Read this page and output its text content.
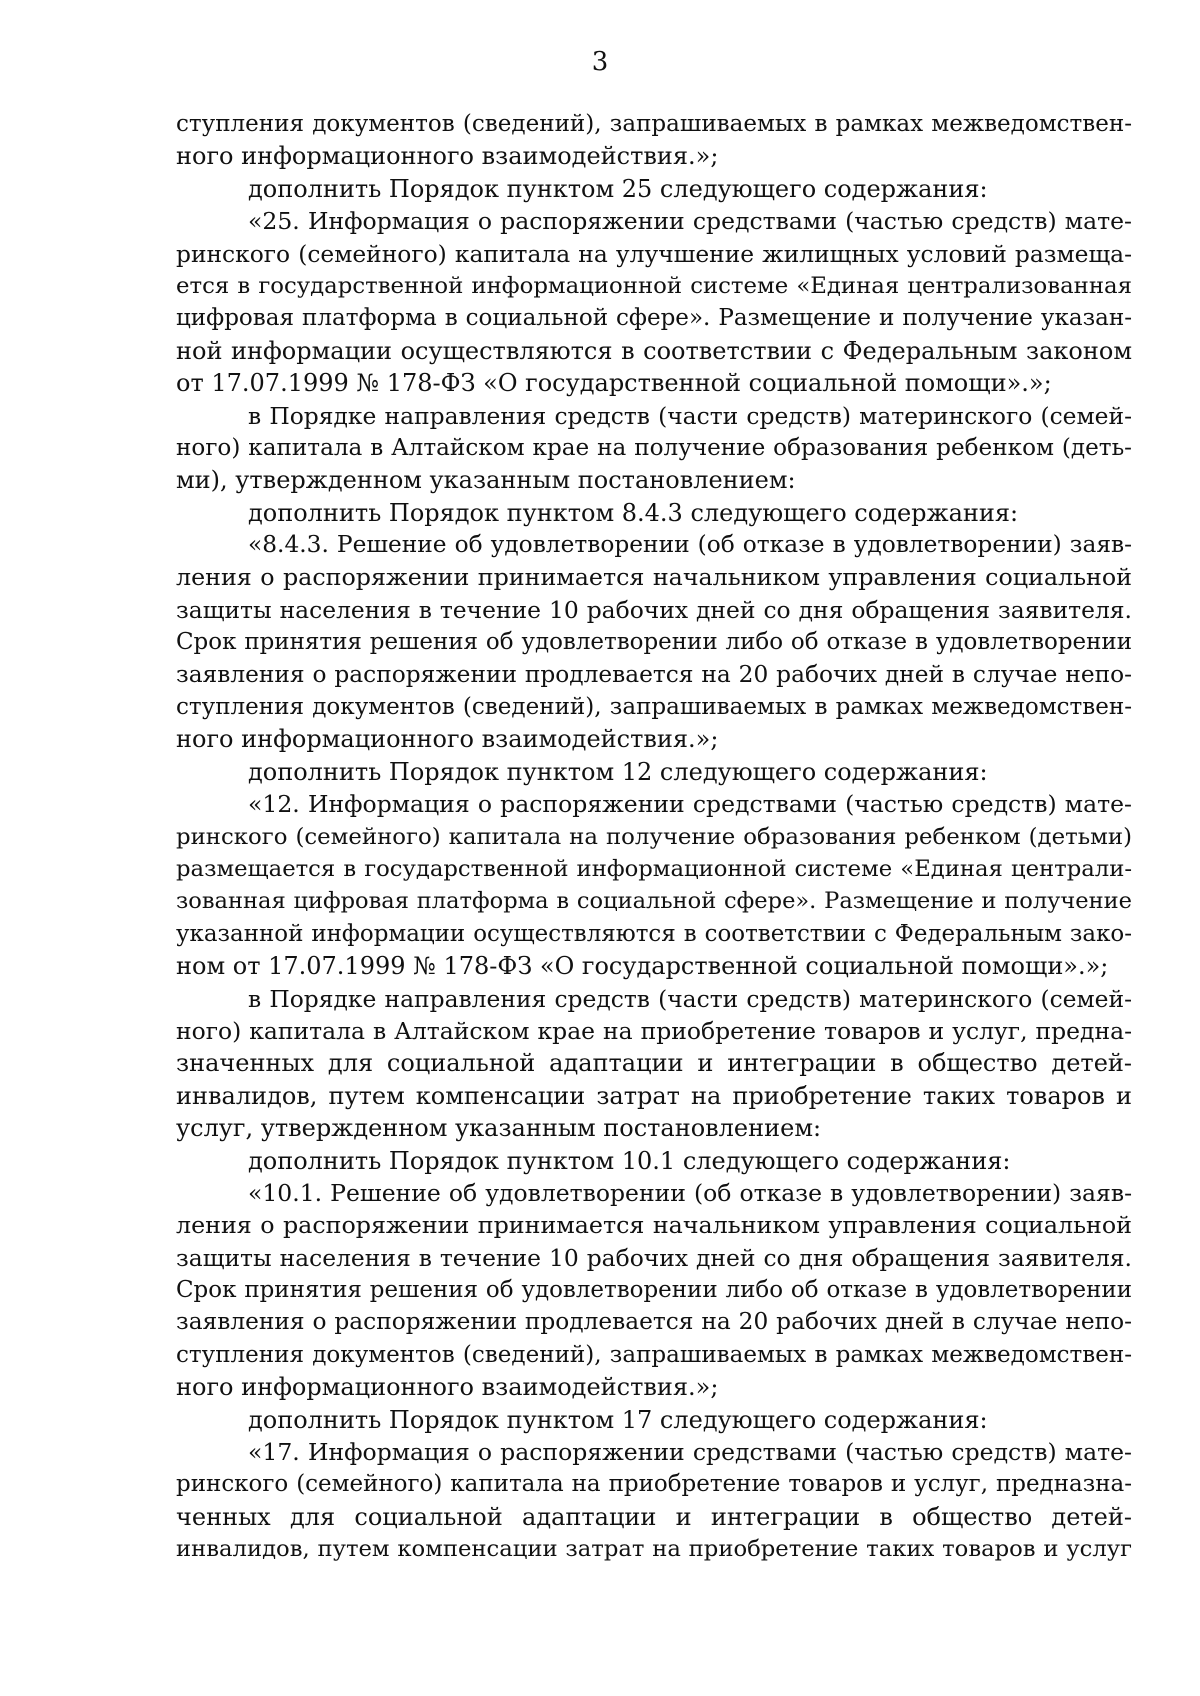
3
ступления документов (сведений), запрашиваемых в рамках межведомствен-
ного информационного взаимодействия.»;
дополнить Порядок пунктом 25 следующего содержания:
«25. Информация о распоряжении средствами (частью средств) мате-
ринского (семейного) капитала на улучшение жилищных условий размеща-
ется в государственной информационной системе «Единая централизованная
цифровая платформа в социальной сфере». Размещение и получение указан-
ной информации осуществляются в соответствии с Федеральным законом
от 17.07.1999 № 178-ФЗ «О государственной социальной помощи».»;
в Порядке направления средств (части средств) материнского (семей-
ного) капитала в Алтайском крае на получение образования ребенком (деть-
ми), утвержденном указанным постановлением:
дополнить Порядок пунктом 8.4.3 следующего содержания:
«8.4.3. Решение об удовлетворении (об отказе в удовлетворении) заяв-
ления о распоряжении принимается начальником управления социальной
защиты населения в течение 10 рабочих дней со дня обращения заявителя.
Срок принятия решения об удовлетворении либо об отказе в удовлетворении
заявления о распоряжении продлевается на 20 рабочих дней в случае непо-
ступления документов (сведений), запрашиваемых в рамках межведомствен-
ного информационного взаимодействия.»;
дополнить Порядок пунктом 12 следующего содержания:
«12. Информация о распоряжении средствами (частью средств) мате-
ринского (семейного) капитала на получение образования ребенком (детьми)
размещается в государственной информационной системе «Единая централи-
зованная цифровая платформа в социальной сфере». Размещение и получение
указанной информации осуществляются в соответствии с Федеральным зако-
ном от 17.07.1999 № 178-ФЗ «О государственной социальной помощи».»;
в Порядке направления средств (части средств) материнского (семей-
ного) капитала в Алтайском крае на приобретение товаров и услуг, предна-
значенных для социальной адаптации и интеграции в общество детей-
инвалидов, путем компенсации затрат на приобретение таких товаров и
услуг, утвержденном указанным постановлением:
дополнить Порядок пунктом 10.1 следующего содержания:
«10.1. Решение об удовлетворении (об отказе в удовлетворении) заяв-
ления о распоряжении принимается начальником управления социальной
защиты населения в течение 10 рабочих дней со дня обращения заявителя.
Срок принятия решения об удовлетворении либо об отказе в удовлетворении
заявления о распоряжении продлевается на 20 рабочих дней в случае непо-
ступления документов (сведений), запрашиваемых в рамках межведомствен-
ного информационного взаимодействия.»;
дополнить Порядок пунктом 17 следующего содержания:
«17. Информация о распоряжении средствами (частью средств) мате-
ринского (семейного) капитала на приобретение товаров и услуг, предназна-
ченных для социальной адаптации и интеграции в общество детей-
инвалидов, путем компенсации затрат на приобретение таких товаров и услуг
